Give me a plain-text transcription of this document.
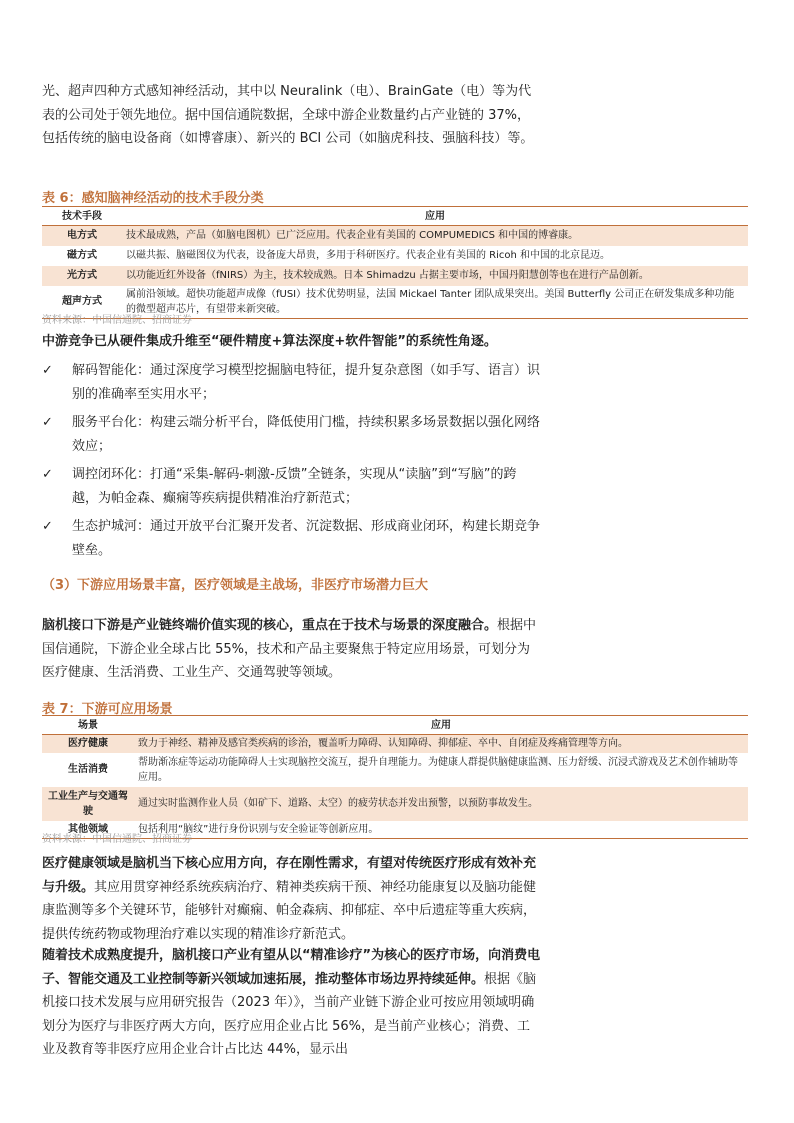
光、超声四种方式感知神经活动，其中以 Neuralink（电）、BrainGate（电）等为代表的公司处于领先地位。据中国信通院数据，全球中游企业数量约占产业链的 37%，包括传统的脑电设备商（如博睿康）、新兴的 BCI 公司（如脑虎科技、强脑科技）等。

表 6：感知脑神经活动的技术手段分类

技术手段	应用
电方式	技术最成熟，产品（如脑电图机）已广泛应用。代表企业有美国的 COMPUMEDICS 和中国的博睿康。
磁方式	以磁共振、脑磁图仪为代表，设备庞大昂贵，多用于科研医疗。代表企业有美国的 Ricoh 和中国的北京昆迈。
光方式	以功能近红外设备（fNIRS）为主，技术较成熟。日本 Shimadzu 占据主要市场，中国丹阳慧创等也在进行产品创新。
超声方式	属前沿领域。超快功能超声成像（fUSI）技术优势明显，法国 Mickael Tanter 团队成果突出。美国 Butterfly 公司正在研发集成多种功能的微型超声芯片，有望带来新突破。

资料来源：中国信通院、招商证券

中游竞争已从硬件集成升维至“硬件精度+算法深度+软件智能”的系统性角逐。

✓	解码智能化：通过深度学习模型挖掘脑电特征，提升复杂意图（如手写、语言）识别的准确率至实用水平；
✓	服务平台化：构建云端分析平台，降低使用门槛，持续积累多场景数据以强化网络效应；
✓	调控闭环化：打通“采集-解码-刺激-反馈”全链条，实现从“读脑”到“写脑”的跨越，为帕金森、癫痫等疾病提供精准治疗新范式；
✓	生态护城河：通过开放平台汇聚开发者、沉淀数据、形成商业闭环，构建长期竞争壁垒。

（3）下游应用场景丰富，医疗领域是主战场，非医疗市场潜力巨大

脑机接口下游是产业链终端价值实现的核心，重点在于技术与场景的深度融合。根据中国信通院，下游企业全球占比 55%，技术和产品主要聚焦于特定应用场景，可划分为医疗健康、生活消费、工业生产、交通驾驶等领域。

表 7：下游可应用场景

场景	应用
医疗健康	致力于神经、精神及感官类疾病的诊治，覆盖听力障碍、认知障碍、抑郁症、卒中、自闭症及疼痛管理等方向。
生活消费	帮助渐冻症等运动功能障碍人士实现脑控交流互，提升自理能力。为健康人群提供脑健康监测、压力舒缓、沉浸式游戏及艺术创作辅助等应用。
工业生产与交通驾驶	通过实时监测作业人员（如矿下、道路、太空）的疲劳状态并发出预警，以预防事故发生。
其他领域	包括利用“脑纹”进行身份识别与安全验证等创新应用。

资料来源：中国信通院、招商证券

医疗健康领域是脑机当下核心应用方向，存在刚性需求，有望对传统医疗形成有效补充与升级。其应用贯穿神经系统疾病治疗、精神类疾病干预、神经功能康复以及脑功能健康监测等多个关键环节，能够针对癫痫、帕金森病、抑郁症、卒中后遗症等重大疾病，提供传统药物或物理治疗难以实现的精准诊疗新范式。

随着技术成熟度提升，脑机接口产业有望从以“精准诊疗”为核心的医疗市场，向消费电子、智能交通及工业控制等新兴领域加速拓展，推动整体市场边界持续延伸。根据《脑机接口技术发展与应用研究报告（2023 年）》，当前产业链下游企业可按应用领域明确划分为医疗与非医疗两大方向，医疗应用企业占比 56%，是当前产业核心；消费、工业及教育等非医疗应用企业合计占比达 44%，显示出
